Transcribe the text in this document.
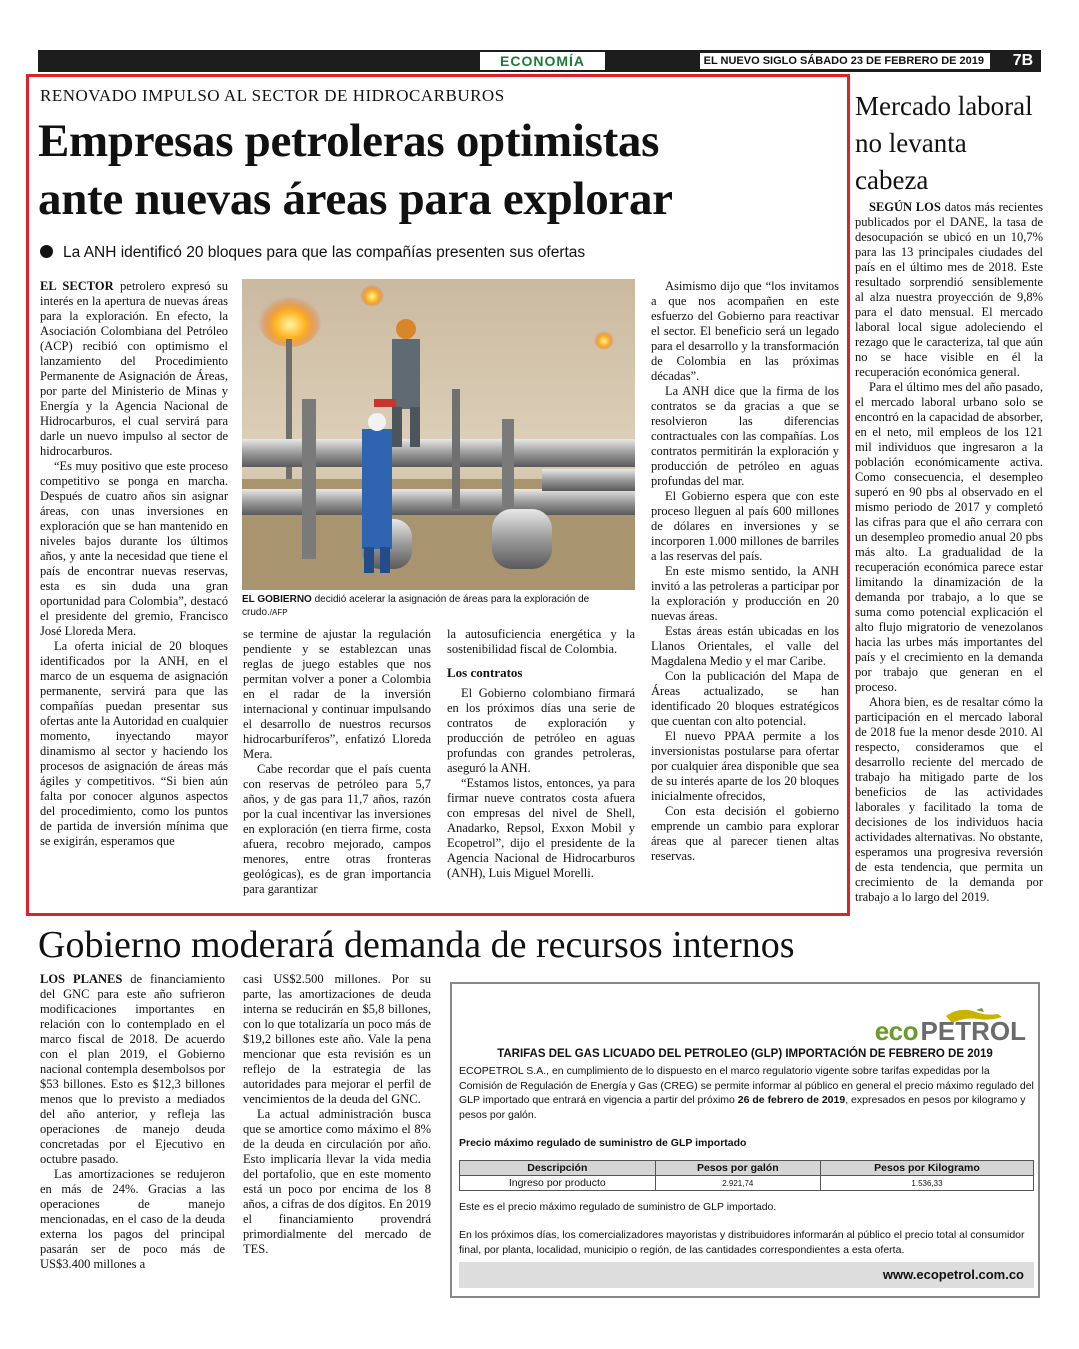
ECONOMÍA	EL NUEVO SIGLO SÁBADO 23 DE FEBRERO DE 2019	7B
RENOVADO IMPULSO AL SECTOR DE HIDROCARBUROS
Empresas petroleras optimistas
ante nuevas áreas para explorar
La ANH identificó 20 bloques para que las compañías presenten sus ofertas

EL SECTOR petrolero expresó su interés en la apertura de nuevas áreas para la exploración. En efecto, la Asociación Colombiana del Petróleo (ACP) recibió con optimismo el lanzamiento del Procedimiento Permanente de Asignación de Áreas, por parte del Ministerio de Minas y Energía y la Agencia Nacional de Hidrocarburos, el cual servirá para darle un nuevo impulso al sector de hidrocarburos.

“Es muy positivo que este proceso competitivo se ponga en marcha. Después de cuatro años sin asignar áreas, con unas inversiones en exploración que se han mantenido en niveles bajos durante los últimos años, y ante la necesidad que tiene el país de encontrar nuevas reservas, esta es sin duda una gran oportunidad para Colombia”, destacó el presidente del gremio, Francisco José Lloreda Mera.

La oferta inicial de 20 bloques identificados por la ANH, en el marco de un esquema de asignación permanente, servirá para que las compañías puedan presentar sus ofertas ante la Autoridad en cualquier momento, inyectando mayor dinamismo al sector y haciendo los procesos de asignación de áreas más ágiles y competitivos. “Si bien aún falta por conocer algunos aspectos del procedimiento, como los puntos de partida de inversión mínima que se exigirán, esperamos que

EL GOBIERNO decidió acelerar la asignación de áreas para la exploración de crudo./AFP

se termine de ajustar la regulación pendiente y se establezcan unas reglas de juego estables que nos permitan volver a poner a Colombia en el radar de la inversión internacional y continuar impulsando el desarrollo de nuestros recursos hidrocarburíferos”, enfatizó Lloreda Mera.

Cabe recordar que el país cuenta con reservas de petróleo para 5,7 años, y de gas para 11,7 años, razón por la cual incentivar las inversiones en exploración (en tierra firme, costa afuera, recobro mejorado, campos menores, entre otras fronteras geológicas), es de gran importancia para garantizar

la autosuficiencia energética y la sostenibilidad fiscal de Colombia.

Los contratos

El Gobierno colombiano firmará en los próximos días una serie de contratos de exploración y producción de petróleo en aguas profundas con grandes petroleras, aseguró la ANH.

“Estamos listos, entonces, ya para firmar nueve contratos costa afuera con empresas del nivel de Shell, Anadarko, Repsol, Exxon Mobil y Ecopetrol”, dijo el presidente de la Agencia Nacional de Hidrocarburos (ANH), Luis Miguel Morelli.

Asimismo dijo que “los invitamos a que nos acompañen en este esfuerzo del Gobierno para reactivar el sector. El beneficio será un legado para el desarrollo y la transformación de Colombia en las próximas décadas”.

La ANH dice que la firma de los contratos se da gracias a que se resolvieron las diferencias contractuales con las compañías. Los contratos permitirán la exploración y producción de petróleo en aguas profundas del mar.

El Gobierno espera que con este proceso lleguen al país 600 millones de dólares en inversiones y se incorporen 1.000 millones de barriles a las reservas del país.

En este mismo sentido, la ANH invitó a las petroleras a participar por la exploración y producción en 20 nuevas áreas.

Estas áreas están ubicadas en los Llanos Orientales, el valle del Magdalena Medio y el mar Caribe.

Con la publicación del Mapa de Áreas actualizado, se han identificado 20 bloques estratégicos que cuentan con alto potencial.

El nuevo PPAA permite a los inversionistas postularse para ofertar por cualquier área disponible que sea de su interés aparte de los 20 bloques inicialmente ofrecidos,

Con esta decisión el gobierno emprende un cambio para explorar áreas que al parecer tienen altas reservas.

Mercado laboral no levanta cabeza

SEGÚN LOS datos más recientes publicados por el DANE, la tasa de desocupación se ubicó en un 10,7% para las 13 principales ciudades del país en el último mes de 2018. Este resultado sorprendió sensiblemente al alza nuestra proyección de 9,8% para el dato mensual. El mercado laboral local sigue adoleciendo el rezago que le caracteriza, tal que aún no se hace visible en él la recuperación económica general.

Para el último mes del año pasado, el mercado laboral urbano solo se encontró en la capacidad de absorber, en el neto, mil empleos de los 121 mil individuos que ingresaron a la población económicamente activa. Como consecuencia, el desempleo superó en 90 pbs al observado en el mismo periodo de 2017 y completó las cifras para que el año cerrara con un desempleo promedio anual 20 pbs más alto. La gradualidad de la recuperación económica parece estar limitando la dinamización de la demanda por trabajo, a lo que se suma como potencial explicación el alto flujo migratorio de venezolanos hacia las urbes más importantes del país y el crecimiento en la demanda por trabajo que generan en el proceso.

Ahora bien, es de resaltar cómo la participación en el mercado laboral de 2018 fue la menor desde 2010. Al respecto, consideramos que el desarrollo reciente del mercado de trabajo ha mitigado parte de los beneficios de las actividades laborales y facilitado la toma de decisiones de los individuos hacia actividades alternativas. No obstante, esperamos una progresiva reversión de esta tendencia, que permita un crecimiento de la demanda por trabajo a lo largo del 2019.

Gobierno moderará demanda de recursos internos

LOS PLANES de financiamiento del GNC para este año sufrieron modificaciones importantes en relación con lo contemplado en el marco fiscal de 2018. De acuerdo con el plan 2019, el Gobierno nacional contempla desembolsos por $53 billones. Esto es $12,3 billones menos que lo previsto a mediados del año anterior, y refleja las operaciones de manejo deuda concretadas por el Ejecutivo en octubre pasado.

Las amortizaciones se redujeron en más de 24%. Gracias a las operaciones de manejo mencionadas, en el caso de la deuda externa los pagos del principal pasarán ser de poco más de US$3.400 millones a

casi US$2.500 millones. Por su parte, las amortizaciones de deuda interna se reducirán en $5,8 billones, con lo que totalizaría un poco más de $19,2 billones este año. Vale la pena mencionar que esta revisión es un reflejo de la estrategia de las autoridades para mejorar el perfil de vencimientos de la deuda del GNC.

La actual administración busca que se amortice como máximo el 8% de la deuda en circulación por año. Esto implicaría llevar la vida media del portafolio, que en este momento está un poco por encima de los 8 años, a cifras de dos dígitos. En 2019 el financiamiento provendrá primordialmente del mercado de TES.

eco PETROL
TARIFAS DEL GAS LICUADO DEL PETROLEO (GLP) IMPORTACIÓN DE FEBRERO DE 2019
ECOPETROL S.A., en cumplimiento de lo dispuesto en el marco regulatorio vigente sobre tarifas expedidas por la Comisión de Regulación de Energía y Gas (CREG) se permite informar al público en general el precio máximo regulado del GLP importado que entrará en vigencia a partir del próximo 26 de febrero de 2019, expresados en pesos por kilogramo y pesos por galón.
Precio máximo regulado de suministro de GLP importado
Descripción	Pesos por galón	Pesos por Kilogramo
Ingreso por producto	2.921,74	1.536,33
Este es el precio máximo regulado de suministro de GLP importado.
En los próximos días, los comercializadores mayoristas y distribuidores informarán al público el precio total al consumidor final, por planta, localidad, municipio o región, de las cantidades correspondientes a esta oferta.
www.ecopetrol.com.co
